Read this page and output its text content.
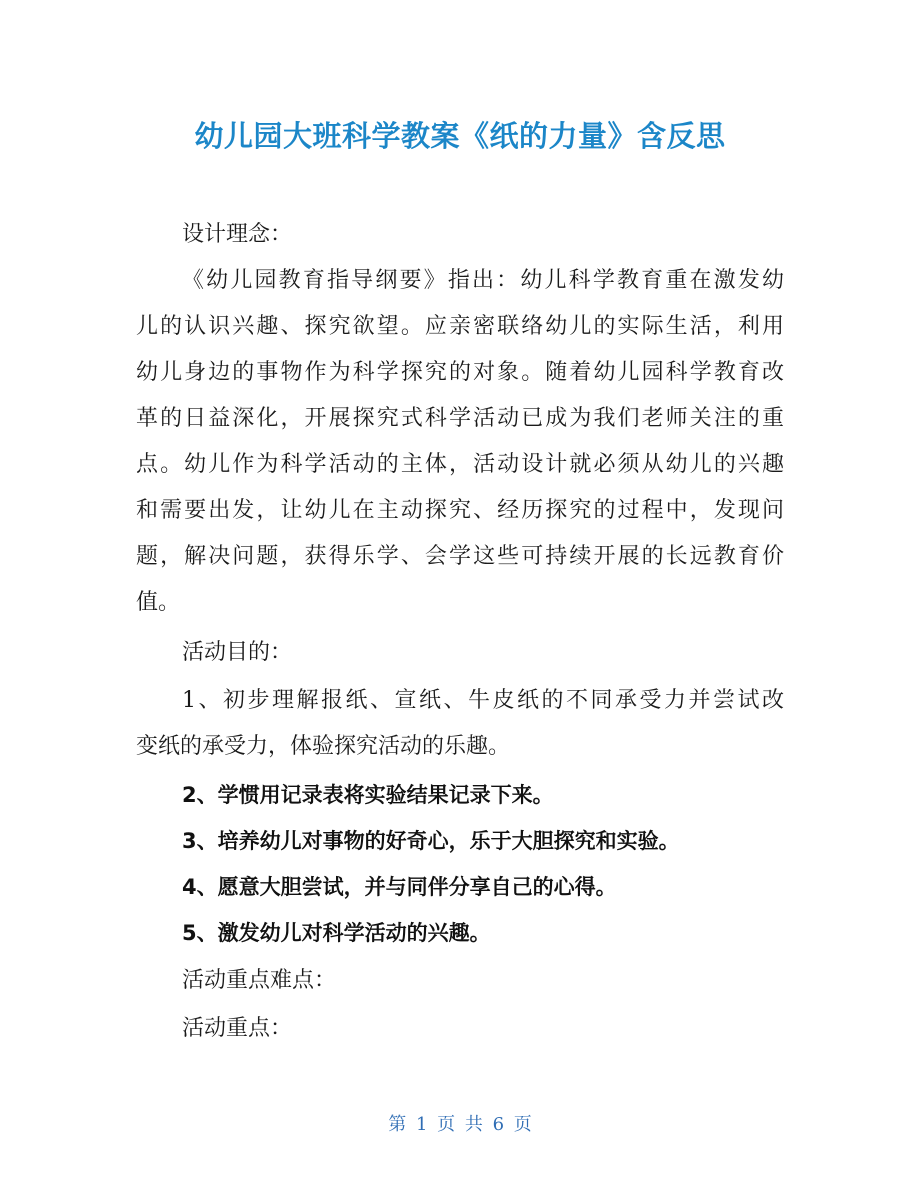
幼儿园大班科学教案《纸的力量》含反思
设计理念：
《幼儿园教育指导纲要》指出：幼儿科学教育重在激发幼
儿的认识兴趣、探究欲望。应亲密联络幼儿的实际生活，利用
幼儿身边的事物作为科学探究的对象。随着幼儿园科学教育改
革的日益深化，开展探究式科学活动已成为我们老师关注的重
点。幼儿作为科学活动的主体，活动设计就必须从幼儿的兴趣
和需要出发，让幼儿在主动探究、经历探究的过程中，发现问
题，解决问题，获得乐学、会学这些可持续开展的长远教育价
值。
活动目的：
1、初步理解报纸、宣纸、牛皮纸的不同承受力并尝试改
变纸的承受力，体验探究活动的乐趣。
2、学惯用记录表将实验结果记录下来。
3、培养幼儿对事物的好奇心，乐于大胆探究和实验。
4、愿意大胆尝试，并与同伴分享自己的心得。
5、激发幼儿对科学活动的兴趣。
活动重点难点：
活动重点：
第 1 页 共 6 页
